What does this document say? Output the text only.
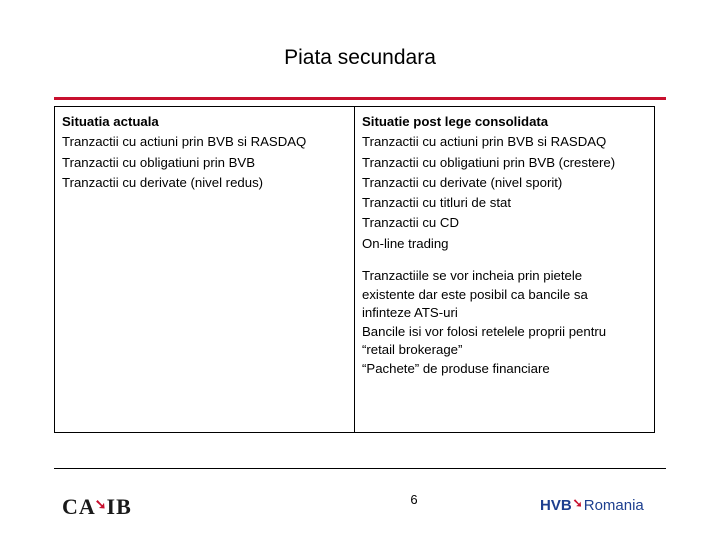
Piata secundara
Situatia actuala
Tranzactii cu actiuni prin BVB si RASDAQ
Tranzactii cu obligatiuni prin BVB
Tranzactii cu derivate (nivel redus)
Situatie post lege consolidata
Tranzactii cu actiuni prin BVB si RASDAQ
Tranzactii cu obligatiuni prin BVB (crestere)
Tranzactii cu derivate (nivel sporit)
Tranzactii cu titluri de stat
Tranzactii cu CD
On-line trading
Tranzactiile se vor incheia prin pietele
existente dar este posibil ca bancile sa
infinteze ATS-uri
Bancile isi vor folosi retelele proprii pentru
“retail brokerage”
“Pachete” de produse financiare
CA➘IB	6	HVB➘Romania
